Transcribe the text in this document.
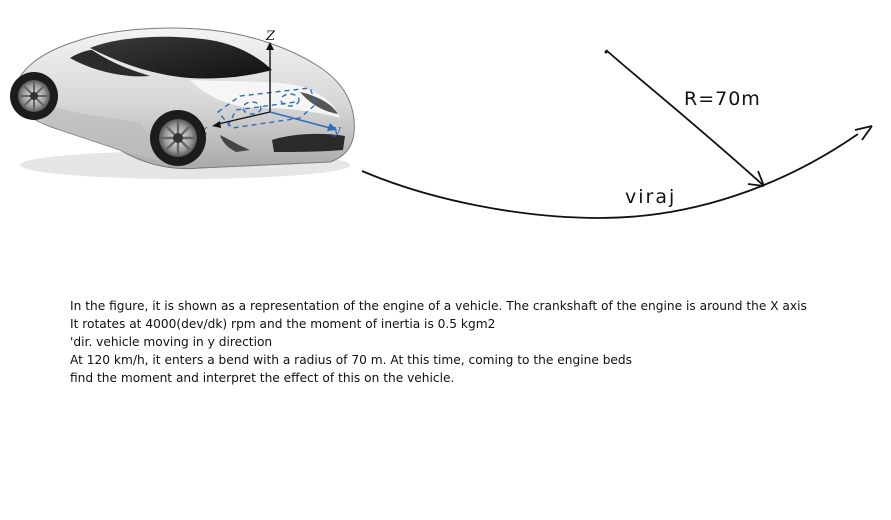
Z
x	y
R=70m
viraj
In the figure, it is shown as a representation of the engine of a vehicle. The crankshaft of the engine is around the X axis
It rotates at 4000(dev/dk) rpm and the moment of inertia is 0.5 kgm2
'dir. vehicle moving in y direction
At 120 km/h, it enters a bend with a radius of 70 m. At this time, coming to the engine beds
find the moment and interpret the effect of this on the vehicle.
